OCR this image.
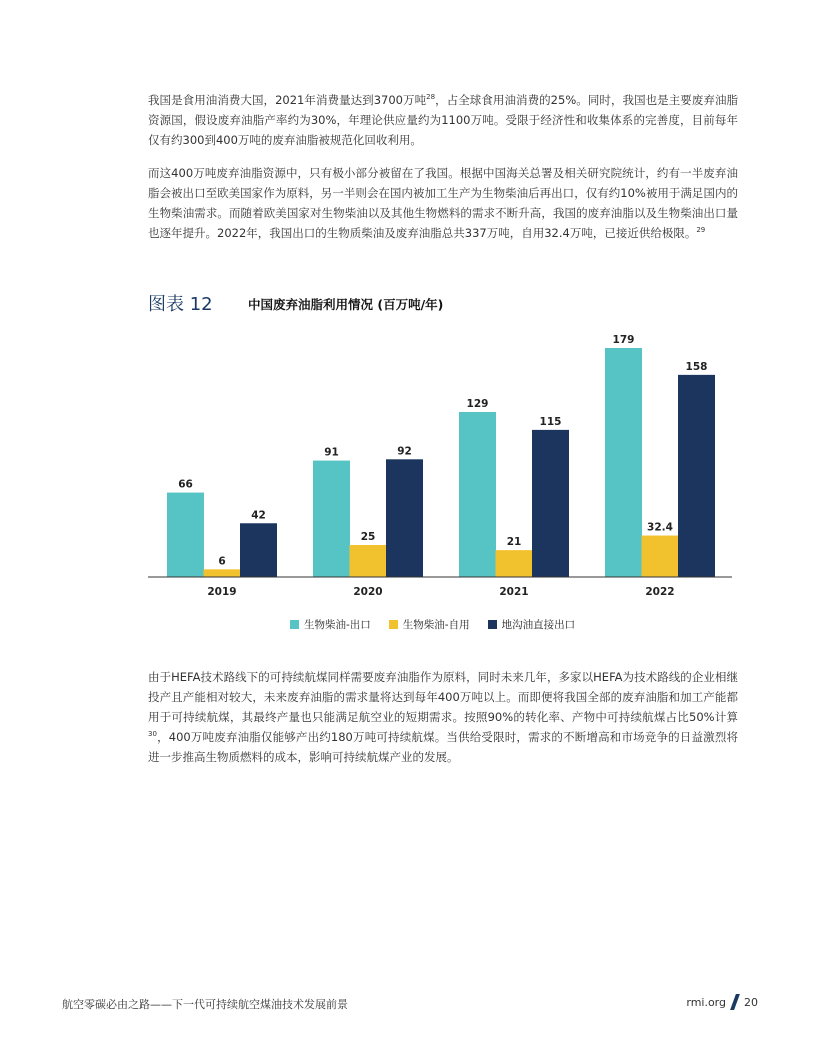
我国是食用油消费大国，2021年消费量达到3700万吨$^{28}$，占全球食用油消费的25%。同时，我国也是主要废弃油脂资源国，假设废弃油脂产率约为30%，年理论供应量约为1100万吨。受限于经济性和收集体系的完善度，目前每年仅有约300到400万吨的废弃油脂被规范化回收利用。

而这400万吨废弃油脂资源中，只有极小部分被留在了我国。根据中国海关总署及相关研究院统计，约有一半废弃油脂会被出口至欧美国家作为原料，另一半则会在国内被加工生产为生物柴油后再出口，仅有约10%被用于满足国内的生物柴油需求。而随着欧美国家对生物柴油以及其他生物燃料的需求不断升高，我国的废弃油脂以及生物柴油出口量也逐年提升。2022年，我国出口的生物质柴油及废弃油脂总共337万吨，自用32.4万吨，已接近供给极限。$^{29}$

图表 12	中国废弃油脂利用情况 (百万吨/年)
66
6
42
2019
91
25
92
2020
129
21
115
2021
179
32.4
158
2022
生物柴油-出口	生物柴油-自用	地沟油直接出口

由于HEFA技术路线下的可持续航煤同样需要废弃油脂作为原料，同时未来几年，多家以HEFA为技术路线的企业相继投产且产能相对较大，未来废弃油脂的需求量将达到每年400万吨以上。而即便将我国全部的废弃油脂和加工产能都用于可持续航煤，其最终产量也只能满足航空业的短期需求。按照90%的转化率、产物中可持续航煤占比50%计算$^{30}$，400万吨废弃油脂仅能够产出约180万吨可持续航煤。当供给受限时，需求的不断增高和市场竞争的日益激烈将进一步推高生物质燃料的成本，影响可持续航煤产业的发展。

航空零碳必由之路——下一代可持续航空煤油技术发展前景	rmi.org 20
